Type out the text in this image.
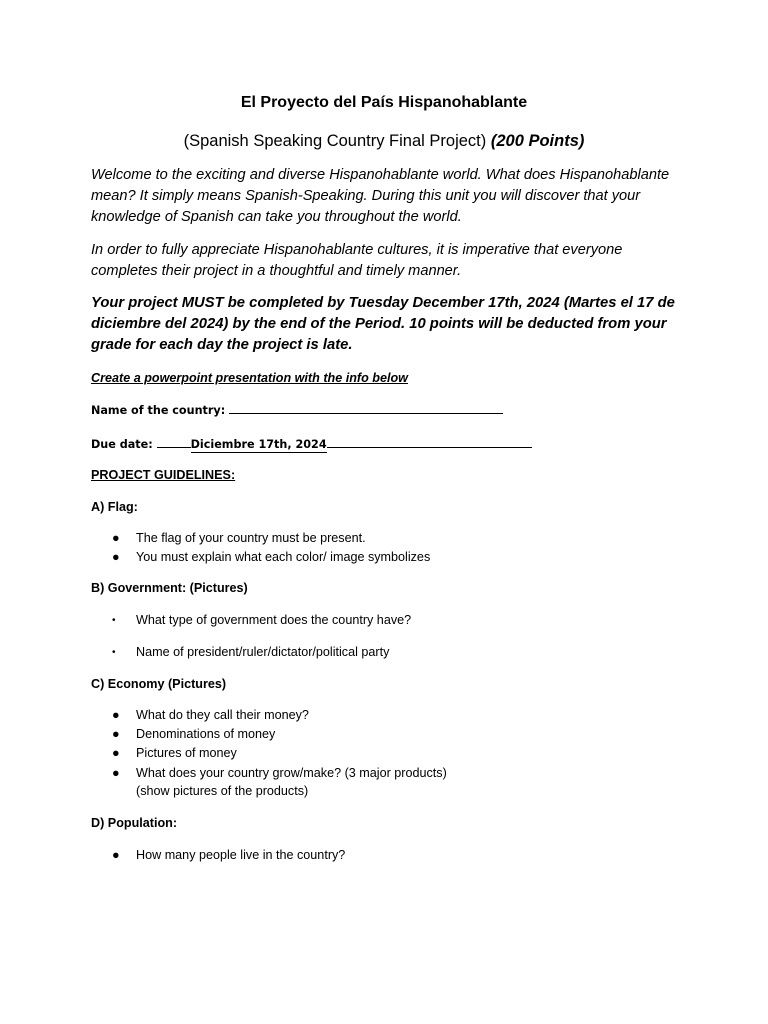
El Proyecto del País Hispanohablante
(Spanish Speaking Country Final Project) (200 Points)

Welcome to the exciting and diverse Hispanohablante world. What does Hispanohablante mean? It simply means Spanish-Speaking. During this unit you will discover that your knowledge of Spanish can take you throughout the world.

In order to fully appreciate Hispanohablante cultures, it is imperative that everyone completes their project in a thoughtful and timely manner.

Your project MUST be completed by Tuesday December 17th, 2024 (Martes el 17 de diciembre del 2024) by the end of the Period. 10 points will be deducted from your grade for each day the project is late.

Create a powerpoint presentation with the info below
Name of the country:
Due date:	Diciembre 17th, 2024
PROJECT GUIDELINES:
A) Flag:
●	The flag of your country must be present.
●	You must explain what each color/ image symbolizes
B) Government: (Pictures)
•	What type of government does the country have?
•	Name of president/ruler/dictator/political party
C) Economy (Pictures)
●	What do they call their money?
●	Denominations of money
●	Pictures of money
●	What does your country grow/make? (3 major products)
(show pictures of the products)
D) Population:
●	How many people live in the country?
